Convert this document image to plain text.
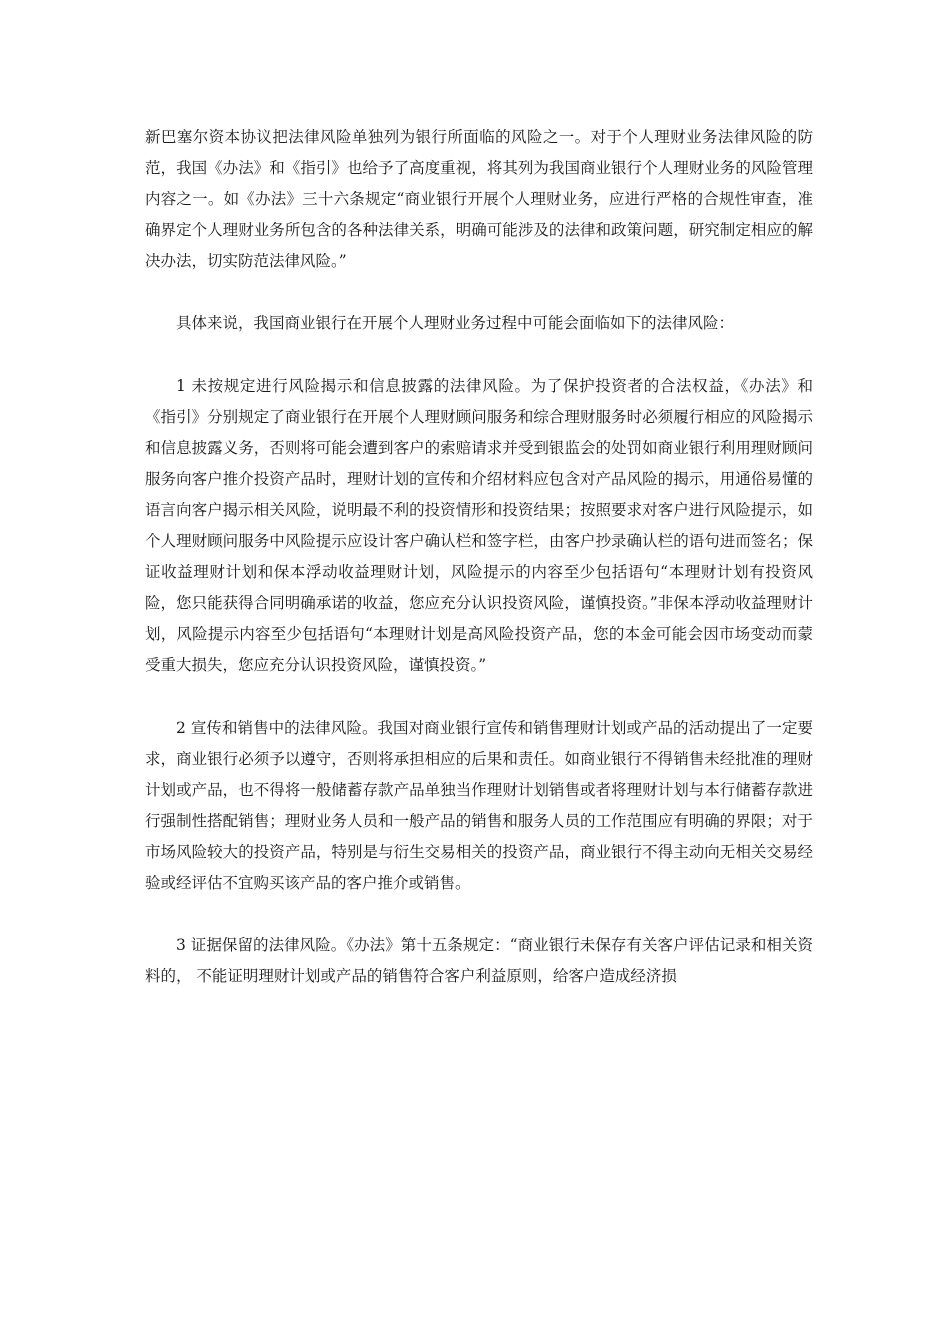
新巴塞尔资本协议把法律风险单独列为银行所面临的风险之一。对于个人理财业务法律风险的防范，我国《办法》和《指引》也给予了高度重视，将其列为我国商业银行个人理财业务的风险管理内容之一。如《办法》三十六条规定“商业银行开展个人理财业务，应进行严格的合规性审查，准确界定个人理财业务所包含的各种法律关系，明确可能涉及的法律和政策问题，研究制定相应的解决办法，切实防范法律风险。”

具体来说，我国商业银行在开展个人理财业务过程中可能会面临如下的法律风险：

1 未按规定进行风险揭示和信息披露的法律风险。为了保护投资者的合法权益，《办法》和《指引》分别规定了商业银行在开展个人理财顾问服务和综合理财服务时必须履行相应的风险揭示和信息披露义务，否则将可能会遭到客户的索赔请求并受到银监会的处罚如商业银行利用理财顾问服务向客户推介投资产品时，理财计划的宣传和介绍材料应包含对产品风险的揭示，用通俗易懂的语言向客户揭示相关风险，说明最不利的投资情形和投资结果；按照要求对客户进行风险提示，如个人理财顾问服务中风险提示应设计客户确认栏和签字栏，由客户抄录确认栏的语句进而签名；保证收益理财计划和保本浮动收益理财计划，风险提示的内容至少包括语句“本理财计划有投资风险，您只能获得合同明确承诺的收益，您应充分认识投资风险，谨慎投资。”非保本浮动收益理财计划，风险提示内容至少包括语句“本理财计划是高风险投资产品，您的本金可能会因市场变动而蒙受重大损失，您应充分认识投资风险，谨慎投资。”

2 宣传和销售中的法律风险。我国对商业银行宣传和销售理财计划或产品的活动提出了一定要求，商业银行必须予以遵守，否则将承担相应的后果和责任。如商业银行不得销售未经批准的理财计划或产品，也不得将一般储蓄存款产品单独当作理财计划销售或者将理财计划与本行储蓄存款进行强制性搭配销售；理财业务人员和一般产品的销售和服务人员的工作范围应有明确的界限；对于市场风险较大的投资产品，特别是与衍生交易相关的投资产品，商业银行不得主动向无相关交易经验或经评估不宜购买该产品的客户推介或销售。

3 证据保留的法律风险。《办法》第十五条规定：“商业银行未保存有关客户评估记录和相关资料的， 不能证明理财计划或产品的销售符合客户利益原则，给客户造成经济损
